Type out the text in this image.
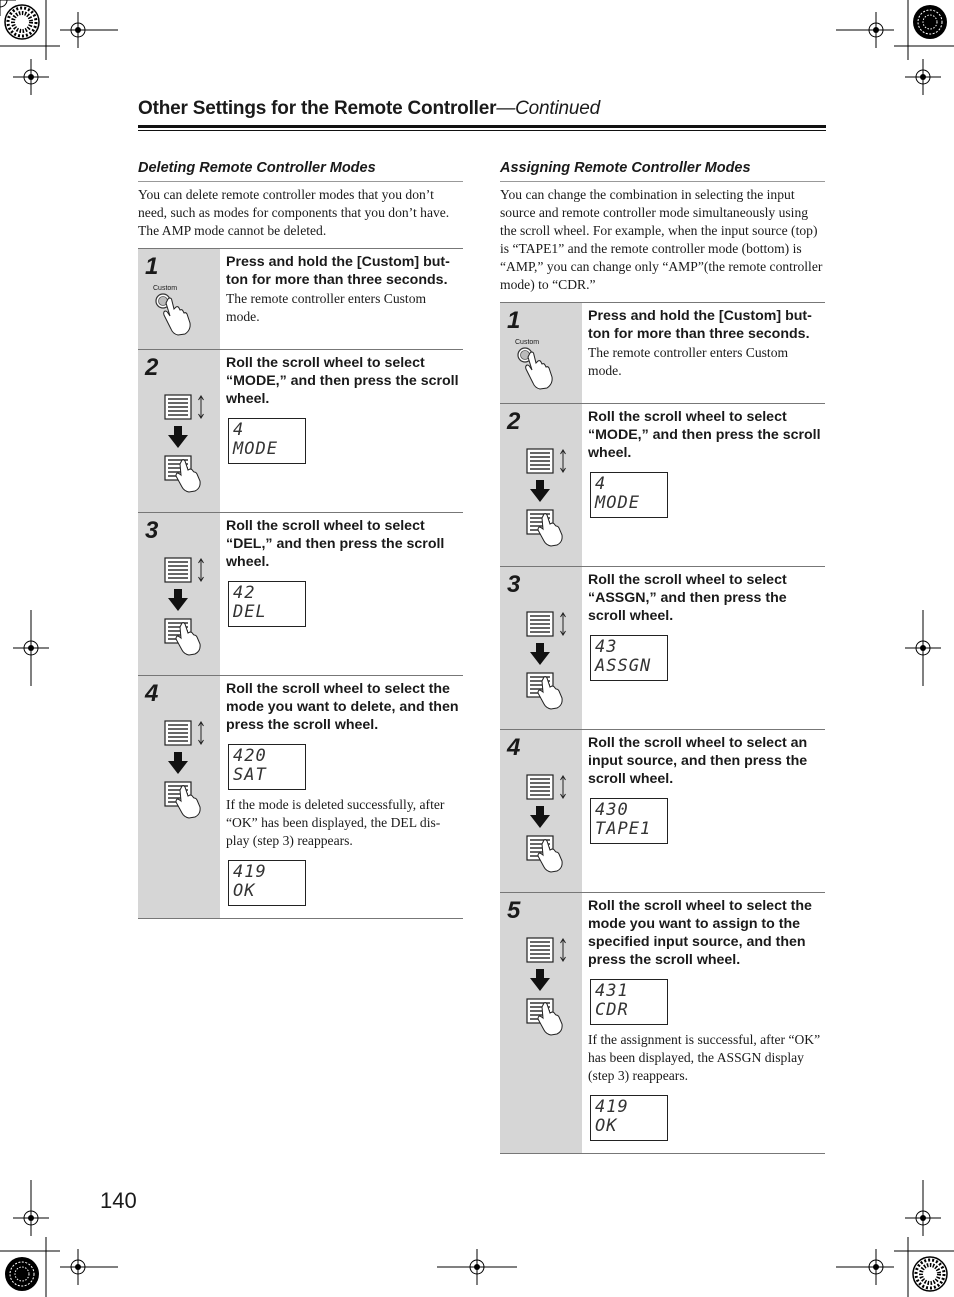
Other Settings for the Remote Controller—Continued
Deleting Remote Controller Modes
You can delete remote controller modes that you don’t need, such as modes for components that you don’t have. The AMP mode cannot be deleted.
1
Custom
Press and hold the [Custom] but-ton for more than three seconds.
The remote controller enters Custom mode.
2	Roll the scroll wheel to select “MODE,” and then press the scroll wheel.
4
MODE
3	Roll the scroll wheel to select “DEL,” and then press the scroll wheel.
42
DEL
4	Roll the scroll wheel to select the mode you want to delete, and then press the scroll wheel.
420
SAT
If the mode is deleted successfully, after “OK” has been displayed, the DEL dis-play (step 3) reappears.
419
OK
Assigning Remote Controller Modes
You can change the combination in selecting the input source and remote controller mode simultaneously using the scroll wheel. For example, when the input source (top) is “TAPE1” and the remote controller mode (bottom) is “AMP,” you can change only “AMP”(the remote controller mode) to “CDR.”
1
Custom
Press and hold the [Custom] but-ton for more than three seconds.
The remote controller enters Custom mode.
2	Roll the scroll wheel to select “MODE,” and then press the scroll wheel.
4
MODE
3	Roll the scroll wheel to select “ASSGN,” and then press the scroll wheel.
43
ASSGN
4	Roll the scroll wheel to select an input source, and then press the scroll wheel.
430
TAPE1
5	Roll the scroll wheel to select the mode you want to assign to the specified input source, and then press the scroll wheel.
431
CDR
If the assignment is successful, after “OK” has been displayed, the ASSGN display (step 3) reappears.
419
OK
140
